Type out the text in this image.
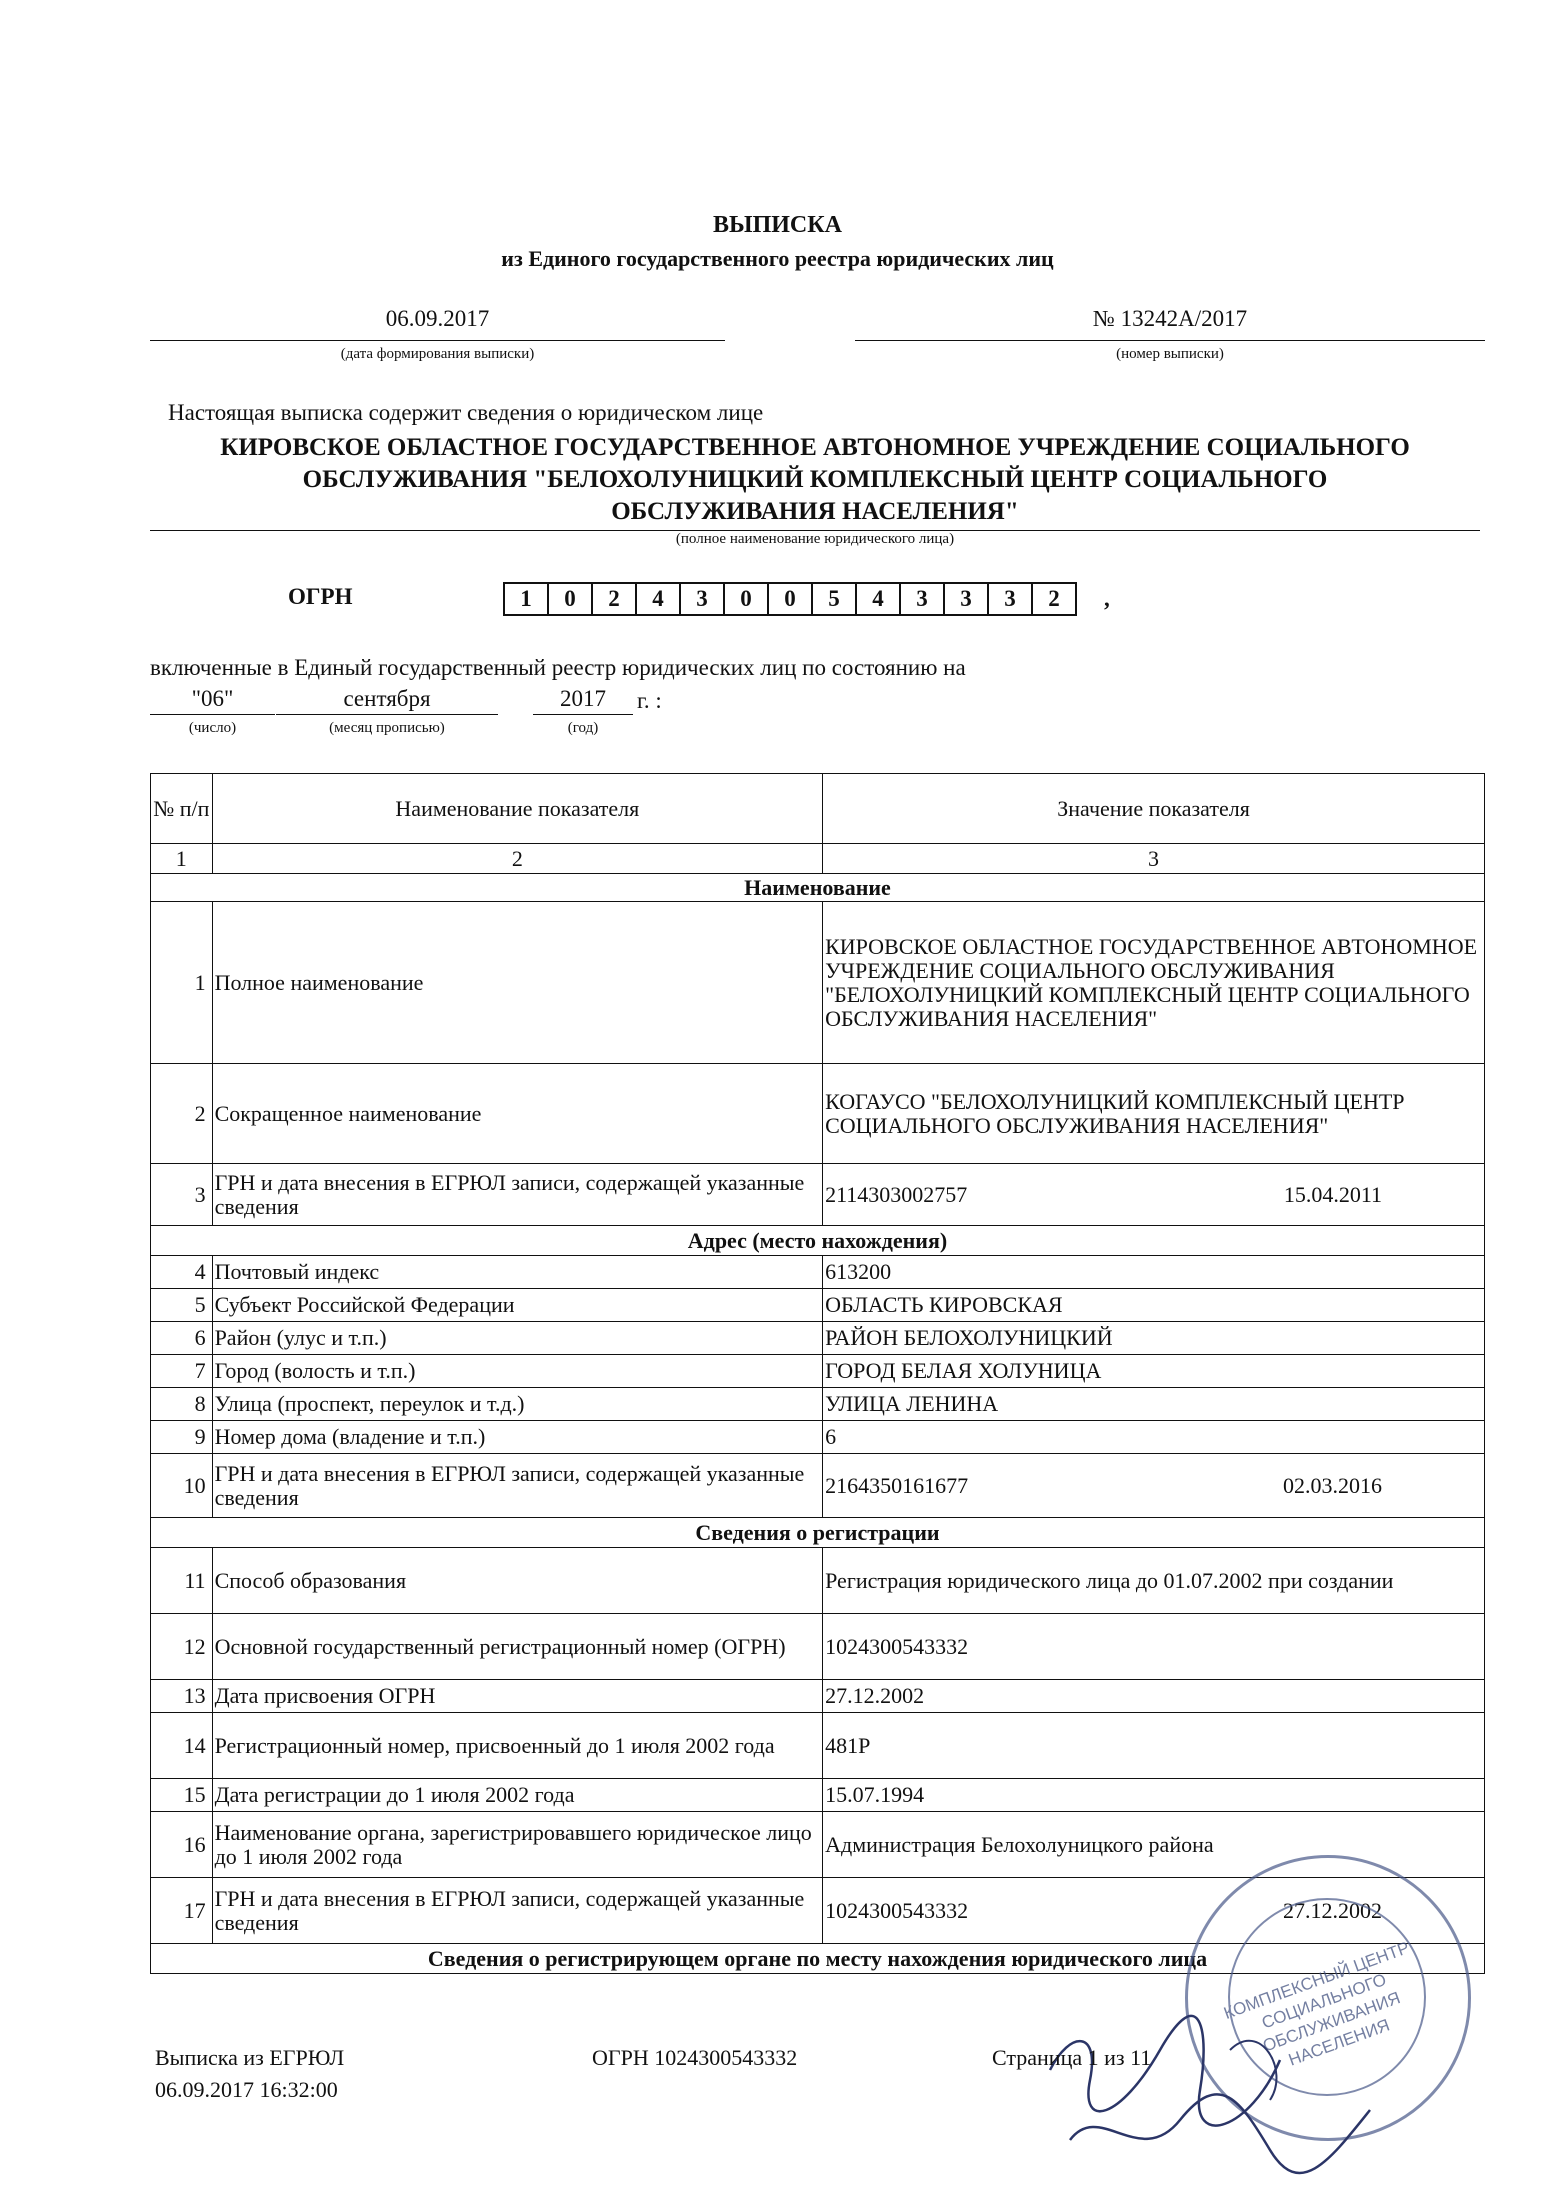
ВЫПИСКА
из Единого государственного реестра юридических лиц
06.09.2017
(дата формирования выписки)
№ 13242А/2017
(номер выписки)
Настоящая выписка содержит сведения о юридическом лице
КИРОВСКОЕ ОБЛАСТНОЕ ГОСУДАРСТВЕННОЕ АВТОНОМНОЕ УЧРЕЖДЕНИЕ СОЦИАЛЬНОГО
ОБСЛУЖИВАНИЯ "БЕЛОХОЛУНИЦКИЙ КОМПЛЕКСНЫЙ ЦЕНТР СОЦИАЛЬНОГО
ОБСЛУЖИВАНИЯ НАСЕЛЕНИЯ"
(полное наименование юридического лица)
ОГРН	1	0	2	4	3	0	0	5	4	3	3	3	2	,
включенные в Единый государственный реестр юридических лиц по состоянию на
"06"	сентября	2017	г. :
(число)	(месяц прописью)	(год)
№ п/п	Наименование показателя	Значение показателя
1	2	3
Наименование		
1	Полное наименование	КИРОВСКОЕ ОБЛАСТНОЕ ГОСУДАРСТВЕННОЕ АВТОНОМНОЕ УЧРЕЖДЕНИЕ СОЦИАЛЬНОГО ОБСЛУЖИВАНИЯ "БЕЛОХОЛУНИЦКИЙ КОМПЛЕКСНЫЙ ЦЕНТР СОЦИАЛЬНОГО ОБСЛУЖИВАНИЯ НАСЕЛЕНИЯ"
2	Сокращенное наименование	КОГАУСО "БЕЛОХОЛУНИЦКИЙ КОМПЛЕКСНЫЙ ЦЕНТР СОЦИАЛЬНОГО ОБСЛУЖИВАНИЯ НАСЕЛЕНИЯ"
3	ГРН и дата внесения в ЕГРЮЛ записи, содержащей указанные сведения	2114303002757 15.04.2011

Адрес (место нахождения)		
4	Почтовый индекс	613200
5	Субъект Российской Федерации	ОБЛАСТЬ КИРОВСКАЯ
6	Район (улус и т.п.)	РАЙОН БЕЛОХОЛУНИЦКИЙ
7	Город (волость и т.п.)	ГОРОД БЕЛАЯ ХОЛУНИЦА
8	Улица (проспект, переулок и т.д.)	УЛИЦА ЛЕНИНА
9	Номер дома (владение и т.п.)	6
10	ГРН и дата внесения в ЕГРЮЛ записи, содержащей указанные сведения	2164350161677 02.03.2016

Сведения о регистрации		
11	Способ образования	Регистрация юридического лица до 01.07.2002 при создании
12	Основной государственный регистрационный номер (ОГРН)	1024300543332
13	Дата присвоения ОГРН	27.12.2002
14	Регистрационный номер, присвоенный до 1 июля 2002 года	481Р
15	Дата регистрации до 1 июля 2002 года	15.07.1994
16	Наименование органа, зарегистрировавшего юридическое лицо до 1 июля 2002 года	Администрация Белохолуницкого района
17	ГРН и дата внесения в ЕГРЮЛ записи, содержащей указанные сведения	1024300543332 27.12.2002

Сведения о регистрирующем органе по месту нахождения юридического лица		КОМПЛЕКСНЫЙ ЦЕНТР СОЦИАЛЬНОГО ОБСЛУЖИВАНИЯ НАСЕЛЕНИЯ
Выписка из ЕГРЮЛ
06.09.2017 16:32:00
ОГРН 1024300543332	Страница 1 из 11
